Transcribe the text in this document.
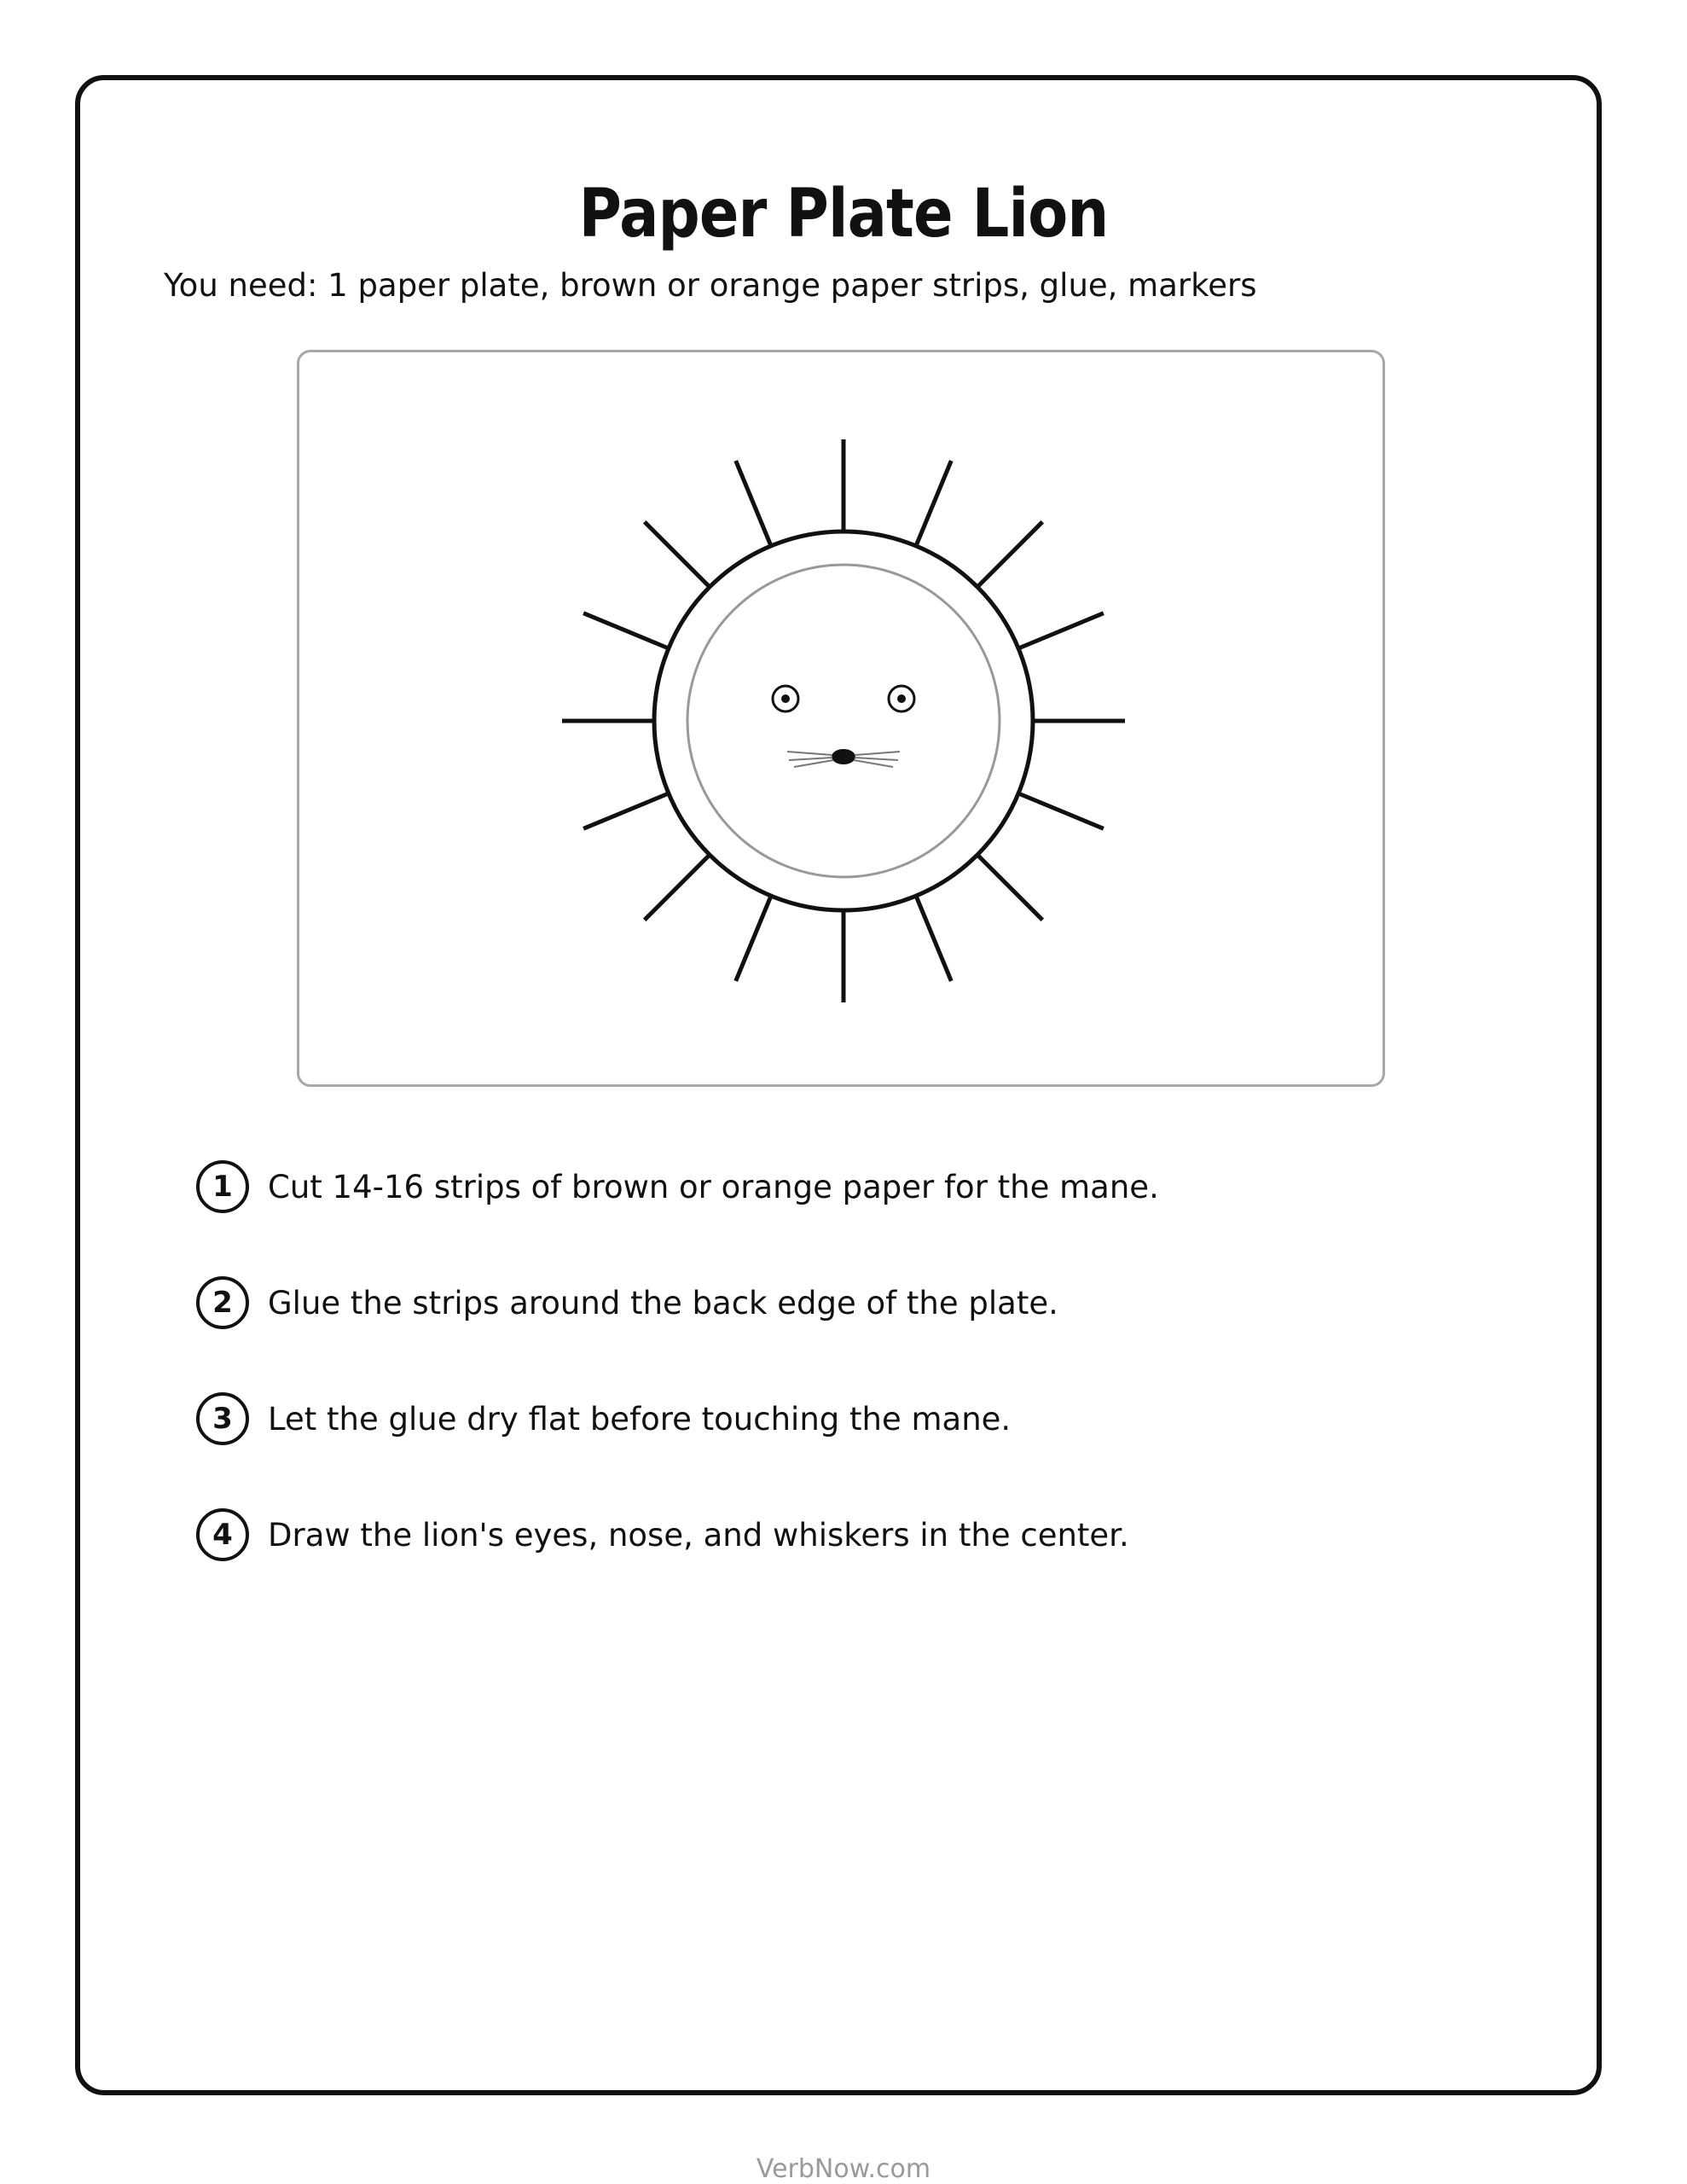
Paper Plate Lion
You need: 1 paper plate, brown or orange paper strips, glue, markers
1	Cut 14-16 strips of brown or orange paper for the mane.
2	Glue the strips around the back edge of the plate.
3	Let the glue dry flat before touching the mane.
4	Draw the lion's eyes, nose, and whiskers in the center.
VerbNow.com
